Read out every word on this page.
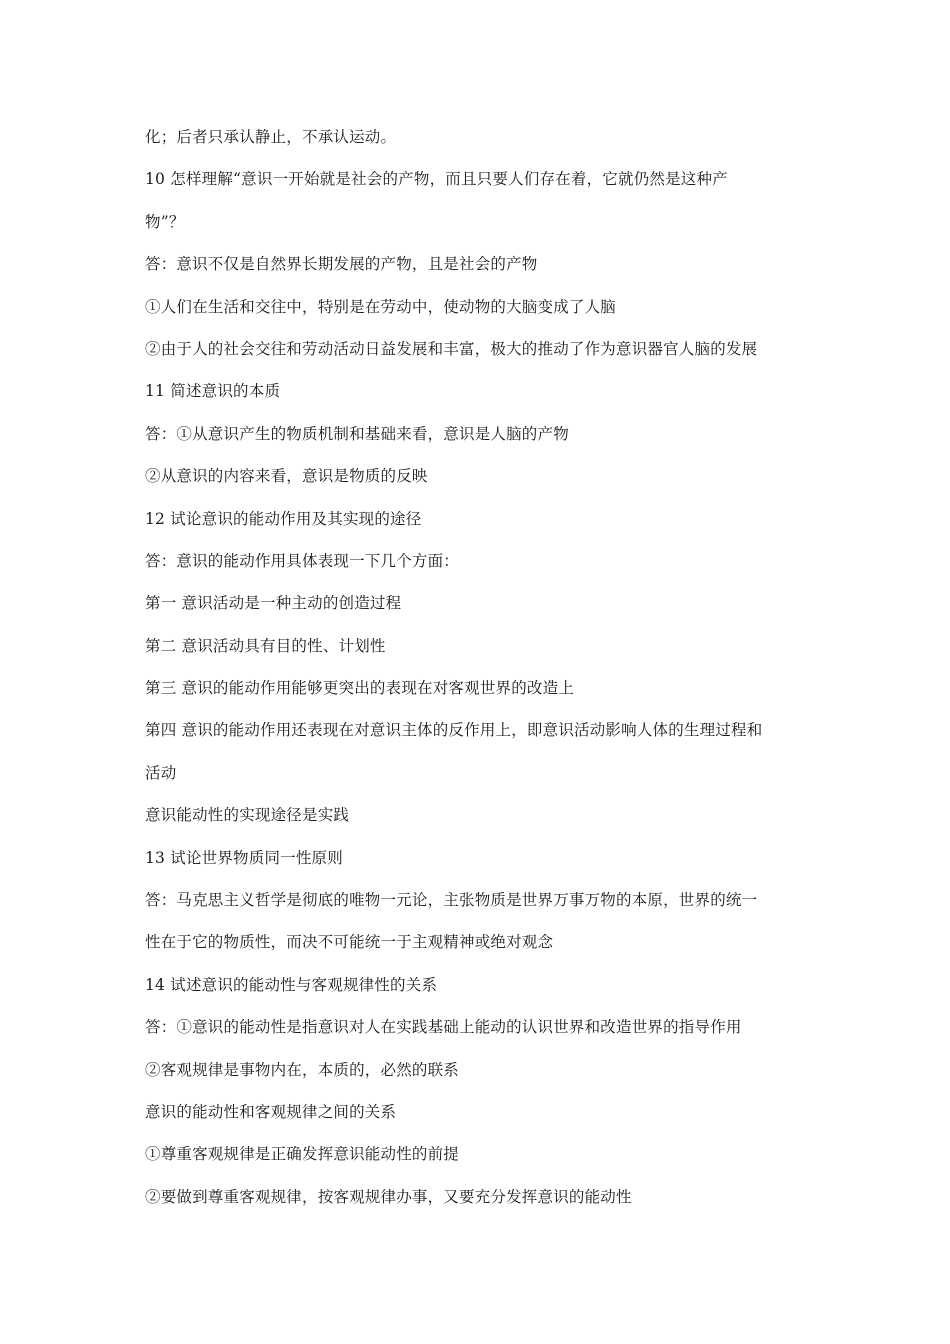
化；后者只承认静止，不承认运动。
10 怎样理解“意识一开始就是社会的产物，而且只要人们存在着，它就仍然是这种产
物”？
答：意识不仅是自然界长期发展的产物，且是社会的产物
①人们在生活和交往中，特别是在劳动中，使动物的大脑变成了人脑
②由于人的社会交往和劳动活动日益发展和丰富，极大的推动了作为意识器官人脑的发展
11 简述意识的本质
答：①从意识产生的物质机制和基础来看，意识是人脑的产物
②从意识的内容来看，意识是物质的反映
12 试论意识的能动作用及其实现的途径
答：意识的能动作用具体表现一下几个方面：
第一 意识活动是一种主动的创造过程
第二 意识活动具有目的性、计划性
第三 意识的能动作用能够更突出的表现在对客观世界的改造上
第四 意识的能动作用还表现在对意识主体的反作用上，即意识活动影响人体的生理过程和
活动
意识能动性的实现途径是实践
13 试论世界物质同一性原则
答：马克思主义哲学是彻底的唯物一元论，主张物质是世界万事万物的本原，世界的统一
性在于它的物质性，而决不可能统一于主观精神或绝对观念
14 试述意识的能动性与客观规律性的关系
答：①意识的能动性是指意识对人在实践基础上能动的认识世界和改造世界的指导作用
②客观规律是事物内在，本质的，必然的联系
意识的能动性和客观规律之间的关系
①尊重客观规律是正确发挥意识能动性的前提
②要做到尊重客观规律，按客观规律办事，又要充分发挥意识的能动性
